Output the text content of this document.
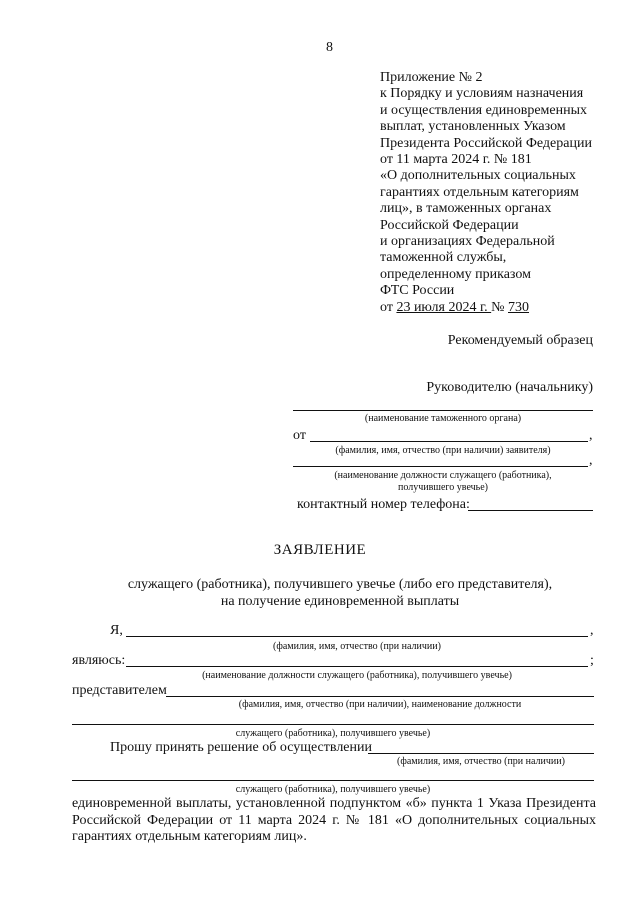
8
Приложение № 2
к Порядку и условиям назначения
и осуществления единовременных
выплат, установленных Указом
Президента Российской Федерации
от 11 марта 2024 г. № 181
«О дополнительных социальных
гарантиях отдельным категориям
лиц», в таможенных органах
Российской Федерации
и организациях Федеральной
таможенной службы,
определенному приказом
ФТС России
от 23 июля 2024 г. № 730
Рекомендуемый образец
Руководителю (начальнику)
(наименование таможенного органа)
от	,
(фамилия, имя, отчество (при наличии) заявителя)
,
(наименование должности служащего (работника),
получившего увечье)
контактный номер телефона:
ЗАЯВЛЕНИЕ
служащего (работника), получившего увечье (либо его представителя),
на получение единовременной выплаты
Я,	,
(фамилия, имя, отчество (при наличии)
являюсь:	;
(наименование должности служащего (работника), получившего увечье)
представителем
(фамилия, имя, отчество (при наличии), наименование должности
служащего (работника), получившего увечье)
Прошу принять решение об осуществлении
(фамилия, имя, отчество (при наличии)
служащего (работника), получившего увечье)
единовременной выплаты, установленной подпунктом «б» пункта 1 Указа Президента
Российской Федерации от 11 марта 2024 г. № 181 «О дополнительных социальных
гарантиях отдельным категориям лиц».
